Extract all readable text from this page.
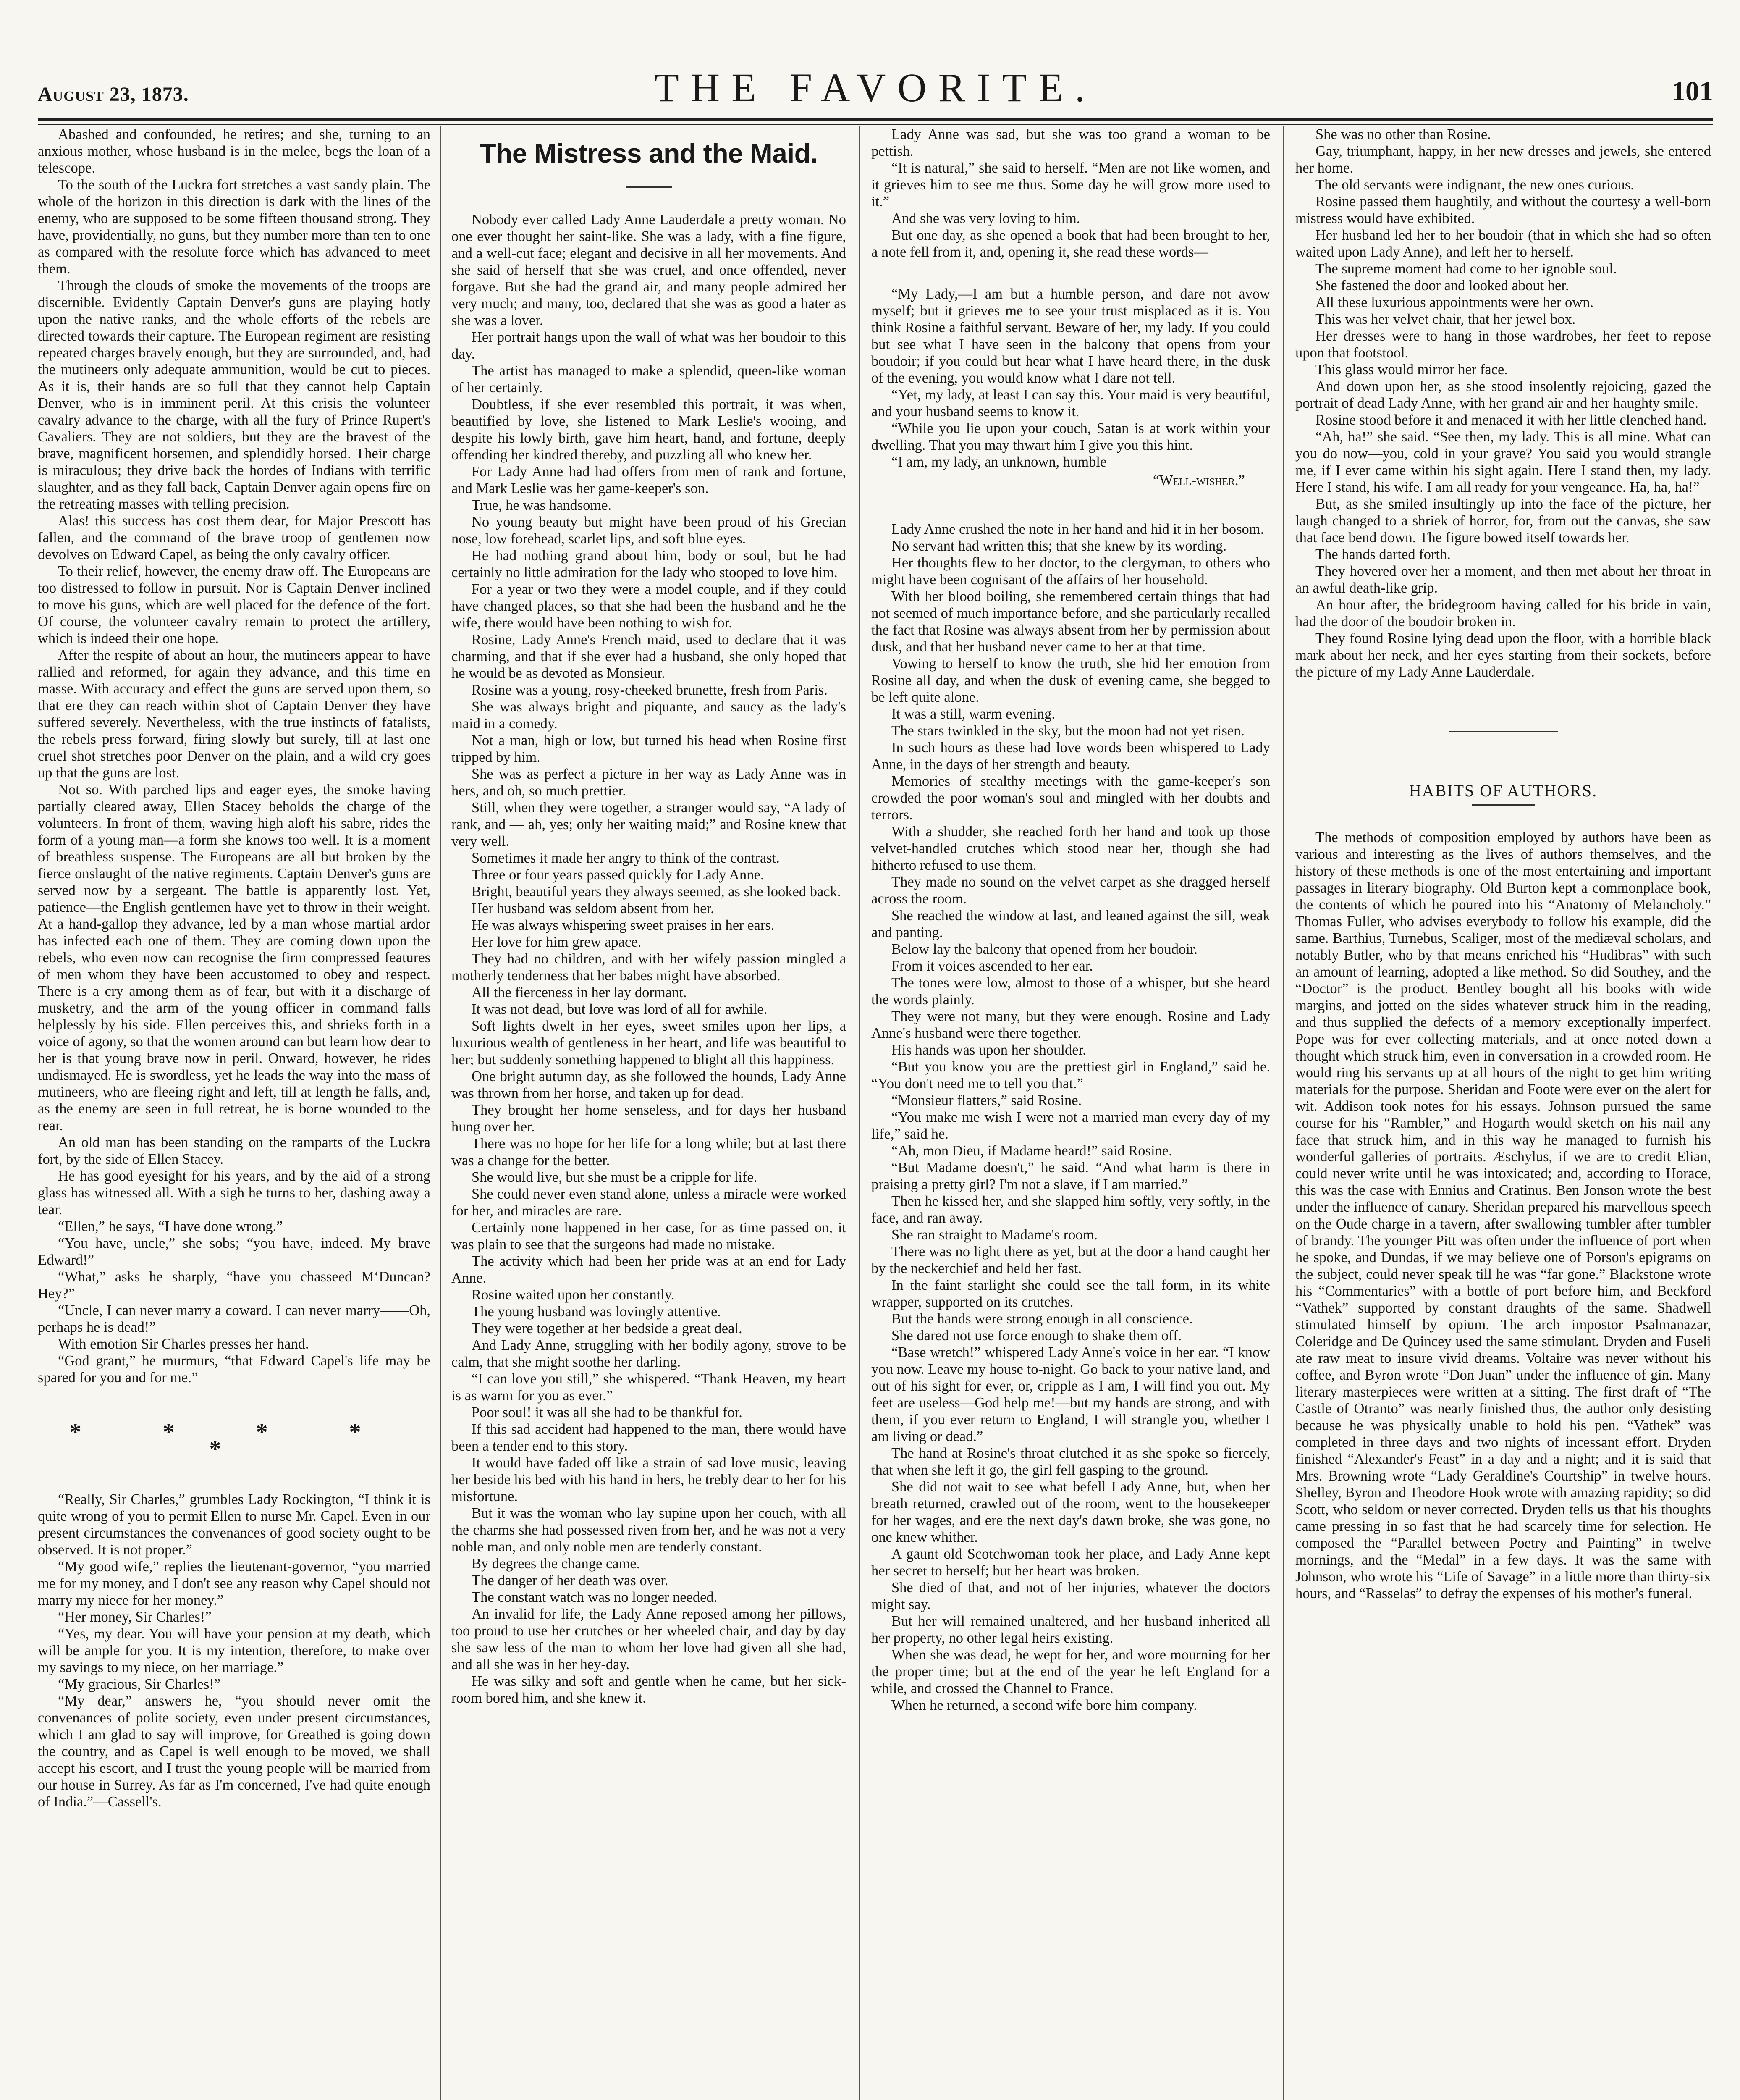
August 23, 1873.	THE FAVORITE.	101

Abashed and confounded, he retires; and she, turning to an anxious mother, whose husband is in the melee, begs the loan of a telescope.

To the south of the Luckra fort stretches a vast sandy plain. The whole of the horizon in this direction is dark with the lines of the enemy, who are supposed to be some fifteen thousand strong. They have, providentially, no guns, but they number more than ten to one as compared with the resolute force which has advanced to meet them.

Through the clouds of smoke the movements of the troops are discernible. Evidently Captain Denver's guns are playing hotly upon the native ranks, and the whole efforts of the rebels are directed towards their capture. The European regiment are resisting repeated charges bravely enough, but they are surrounded, and, had the mutineers only adequate ammunition, would be cut to pieces. As it is, their hands are so full that they cannot help Captain Denver, who is in imminent peril. At this crisis the volunteer cavalry advance to the charge, with all the fury of Prince Rupert's Cavaliers. They are not soldiers, but they are the bravest of the brave, magnificent horsemen, and splendidly horsed. Their charge is miraculous; they drive back the hordes of Indians with terrific slaughter, and as they fall back, Captain Denver again opens fire on the retreating masses with telling precision.

Alas! this success has cost them dear, for Major Prescott has fallen, and the command of the brave troop of gentlemen now devolves on Edward Capel, as being the only cavalry officer.

To their relief, however, the enemy draw off. The Europeans are too distressed to follow in pursuit. Nor is Captain Denver inclined to move his guns, which are well placed for the defence of the fort. Of course, the volunteer cavalry remain to protect the artillery, which is indeed their one hope.

After the respite of about an hour, the mutineers appear to have rallied and reformed, for again they advance, and this time en masse. With accuracy and effect the guns are served upon them, so that ere they can reach within shot of Captain Denver they have suffered severely. Nevertheless, with the true instincts of fatalists, the rebels press forward, firing slowly but surely, till at last one cruel shot stretches poor Denver on the plain, and a wild cry goes up that the guns are lost.

Not so. With parched lips and eager eyes, the smoke having partially cleared away, Ellen Stacey beholds the charge of the volunteers. In front of them, waving high aloft his sabre, rides the form of a young man—a form she knows too well. It is a moment of breathless suspense. The Europeans are all but broken by the fierce onslaught of the native regiments. Captain Denver's guns are served now by a sergeant. The battle is apparently lost. Yet, patience—the English gentlemen have yet to throw in their weight. At a hand-gallop they advance, led by a man whose martial ardor has infected each one of them. They are coming down upon the rebels, who even now can recognise the firm compressed features of men whom they have been accustomed to obey and respect. There is a cry among them as of fear, but with it a discharge of musketry, and the arm of the young officer in command falls helplessly by his side. Ellen perceives this, and shrieks forth in a voice of agony, so that the women around can but learn how dear to her is that young brave now in peril. Onward, however, he rides undismayed. He is swordless, yet he leads the way into the mass of mutineers, who are fleeing right and left, till at length he falls, and, as the enemy are seen in full retreat, he is borne wounded to the rear.

An old man has been standing on the ramparts of the Luckra fort, by the side of Ellen Stacey.

He has good eyesight for his years, and by the aid of a strong glass has witnessed all. With a sigh he turns to her, dashing away a tear.

“Ellen,” he says, “I have done wrong.”

“You have, uncle,” she sobs; “you have, indeed. My brave Edward!”

“What,” asks he sharply, “have you chasseed M‘Duncan? Hey?”

“Uncle, I can never marry a coward. I can never marry——Oh, perhaps he is dead!”

With emotion Sir Charles presses her hand.

“God grant,” he murmurs, “that Edward Capel's life may be spared for you and for me.”

* * * * *

“Really, Sir Charles,” grumbles Lady Rockington, “I think it is quite wrong of you to permit Ellen to nurse Mr. Capel. Even in our present circumstances the convenances of good society ought to be observed. It is not proper.”

“My good wife,” replies the lieutenant-governor, “you married me for my money, and I don't see any reason why Capel should not marry my niece for her money.”

“Her money, Sir Charles!”

“Yes, my dear. You will have your pension at my death, which will be ample for you. It is my intention, therefore, to make over my savings to my niece, on her marriage.”

“My gracious, Sir Charles!”

“My dear,” answers he, “you should never omit the convenances of polite society, even under present circumstances, which I am glad to say will improve, for Greathed is going down the country, and as Capel is well enough to be moved, we shall accept his escort, and I trust the young people will be married from our house in Surrey. As far as I'm concerned, I've had quite enough of India.”—Cassell's.

The Mistress and the Maid.

Nobody ever called Lady Anne Lauderdale a pretty woman. No one ever thought her saint-like. She was a lady, with a fine figure, and a well-cut face; elegant and decisive in all her movements. And she said of herself that she was cruel, and once offended, never forgave. But she had the grand air, and many people admired her very much; and many, too, declared that she was as good a hater as she was a lover.

Her portrait hangs upon the wall of what was her boudoir to this day.

The artist has managed to make a splendid, queen-like woman of her certainly.

Doubtless, if she ever resembled this portrait, it was when, beautified by love, she listened to Mark Leslie's wooing, and despite his lowly birth, gave him heart, hand, and fortune, deeply offending her kindred thereby, and puzzling all who knew her.

For Lady Anne had had offers from men of rank and fortune, and Mark Leslie was her game-keeper's son.

True, he was handsome.

No young beauty but might have been proud of his Grecian nose, low forehead, scarlet lips, and soft blue eyes.

He had nothing grand about him, body or soul, but he had certainly no little admiration for the lady who stooped to love him.

For a year or two they were a model couple, and if they could have changed places, so that she had been the husband and he the wife, there would have been nothing to wish for.

Rosine, Lady Anne's French maid, used to declare that it was charming, and that if she ever had a husband, she only hoped that he would be as devoted as Monsieur.

Rosine was a young, rosy-cheeked brunette, fresh from Paris.

She was always bright and piquante, and saucy as the lady's maid in a comedy.

Not a man, high or low, but turned his head when Rosine first tripped by him.

She was as perfect a picture in her way as Lady Anne was in hers, and oh, so much prettier.

Still, when they were together, a stranger would say, “A lady of rank, and — ah, yes; only her waiting maid;” and Rosine knew that very well.

Sometimes it made her angry to think of the contrast.

Three or four years passed quickly for Lady Anne.

Bright, beautiful years they always seemed, as she looked back.

Her husband was seldom absent from her.

He was always whispering sweet praises in her ears.

Her love for him grew apace.

They had no children, and with her wifely passion mingled a motherly tenderness that her babes might have absorbed.

All the fierceness in her lay dormant.

It was not dead, but love was lord of all for awhile.

Soft lights dwelt in her eyes, sweet smiles upon her lips, a luxurious wealth of gentleness in her heart, and life was beautiful to her; but suddenly something happened to blight all this happiness.

One bright autumn day, as she followed the hounds, Lady Anne was thrown from her horse, and taken up for dead.

They brought her home senseless, and for days her husband hung over her.

There was no hope for her life for a long while; but at last there was a change for the better.

She would live, but she must be a cripple for life.

She could never even stand alone, unless a miracle were worked for her, and miracles are rare.

Certainly none happened in her case, for as time passed on, it was plain to see that the surgeons had made no mistake.

The activity which had been her pride was at an end for Lady Anne.

Rosine waited upon her constantly.

The young husband was lovingly attentive.

They were together at her bedside a great deal.

And Lady Anne, struggling with her bodily agony, strove to be calm, that she might soothe her darling.

“I can love you still,” she whispered. “Thank Heaven, my heart is as warm for you as ever.”

Poor soul! it was all she had to be thankful for.

If this sad accident had happened to the man, there would have been a tender end to this story.

It would have faded off like a strain of sad love music, leaving her beside his bed with his hand in hers, he trebly dear to her for his misfortune.

But it was the woman who lay supine upon her couch, with all the charms she had possessed riven from her, and he was not a very noble man, and only noble men are tenderly constant.

By degrees the change came.

The danger of her death was over.

The constant watch was no longer needed.

An invalid for life, the Lady Anne reposed among her pillows, too proud to use her crutches or her wheeled chair, and day by day she saw less of the man to whom her love had given all she had, and all she was in her hey-day.

He was silky and soft and gentle when he came, but her sick-room bored him, and she knew it.

Lady Anne was sad, but she was too grand a woman to be pettish.

“It is natural,” she said to herself. “Men are not like women, and it grieves him to see me thus. Some day he will grow more used to it.”

And she was very loving to him.

But one day, as she opened a book that had been brought to her, a note fell from it, and, opening it, she read these words—

“My Lady,—I am but a humble person, and dare not avow myself; but it grieves me to see your trust misplaced as it is. You think Rosine a faithful servant. Beware of her, my lady. If you could but see what I have seen in the balcony that opens from your boudoir; if you could but hear what I have heard there, in the dusk of the evening, you would know what I dare not tell.

“Yet, my lady, at least I can say this. Your maid is very beautiful, and your husband seems to know it.

“While you lie upon your couch, Satan is at work within your dwelling. That you may thwart him I give you this hint.

“I am, my lady, an unknown, humble

“Well-wisher.”

Lady Anne crushed the note in her hand and hid it in her bosom.

No servant had written this; that she knew by its wording.

Her thoughts flew to her doctor, to the clergyman, to others who might have been cognisant of the affairs of her household.

With her blood boiling, she remembered certain things that had not seemed of much importance before, and she particularly recalled the fact that Rosine was always absent from her by permission about dusk, and that her husband never came to her at that time.

Vowing to herself to know the truth, she hid her emotion from Rosine all day, and when the dusk of evening came, she begged to be left quite alone.

It was a still, warm evening.

The stars twinkled in the sky, but the moon had not yet risen.

In such hours as these had love words been whispered to Lady Anne, in the days of her strength and beauty.

Memories of stealthy meetings with the game-keeper's son crowded the poor woman's soul and mingled with her doubts and terrors.

With a shudder, she reached forth her hand and took up those velvet-handled crutches which stood near her, though she had hitherto refused to use them.

They made no sound on the velvet carpet as she dragged herself across the room.

She reached the window at last, and leaned against the sill, weak and panting.

Below lay the balcony that opened from her boudoir.

From it voices ascended to her ear.

The tones were low, almost to those of a whisper, but she heard the words plainly.

They were not many, but they were enough. Rosine and Lady Anne's husband were there together.

His hands was upon her shoulder.

“But you know you are the prettiest girl in England,” said he. “You don't need me to tell you that.”

“Monsieur flatters,” said Rosine.

“You make me wish I were not a married man every day of my life,” said he.

“Ah, mon Dieu, if Madame heard!” said Rosine.

“But Madame doesn't,” he said. “And what harm is there in praising a pretty girl? I'm not a slave, if I am married.”

Then he kissed her, and she slapped him softly, very softly, in the face, and ran away.

She ran straight to Madame's room.

There was no light there as yet, but at the door a hand caught her by the neckerchief and held her fast.

In the faint starlight she could see the tall form, in its white wrapper, supported on its crutches.

But the hands were strong enough in all conscience.

She dared not use force enough to shake them off.

“Base wretch!” whispered Lady Anne's voice in her ear. “I know you now. Leave my house to-night. Go back to your native land, and out of his sight for ever, or, cripple as I am, I will find you out. My feet are useless—God help me!—but my hands are strong, and with them, if you ever return to England, I will strangle you, whether I am living or dead.”

The hand at Rosine's throat clutched it as she spoke so fiercely, that when she left it go, the girl fell gasping to the ground.

She did not wait to see what befell Lady Anne, but, when her breath returned, crawled out of the room, went to the housekeeper for her wages, and ere the next day's dawn broke, she was gone, no one knew whither.

A gaunt old Scotchwoman took her place, and Lady Anne kept her secret to herself; but her heart was broken.

She died of that, and not of her injuries, whatever the doctors might say.

But her will remained unaltered, and her husband inherited all her property, no other legal heirs existing.

When she was dead, he wept for her, and wore mourning for her the proper time; but at the end of the year he left England for a while, and crossed the Channel to France.

When he returned, a second wife bore him company.

She was no other than Rosine.

Gay, triumphant, happy, in her new dresses and jewels, she entered her home.

The old servants were indignant, the new ones curious.

Rosine passed them haughtily, and without the courtesy a well-born mistress would have exhibited.

Her husband led her to her boudoir (that in which she had so often waited upon Lady Anne), and left her to herself.

The supreme moment had come to her ignoble soul.

She fastened the door and looked about her.

All these luxurious appointments were her own.

This was her velvet chair, that her jewel box.

Her dresses were to hang in those wardrobes, her feet to repose upon that footstool.

This glass would mirror her face.

And down upon her, as she stood insolently rejoicing, gazed the portrait of dead Lady Anne, with her grand air and her haughty smile.

Rosine stood before it and menaced it with her little clenched hand.

“Ah, ha!” she said. “See then, my lady. This is all mine. What can you do now—you, cold in your grave? You said you would strangle me, if I ever came within his sight again. Here I stand then, my lady. Here I stand, his wife. I am all ready for your vengeance. Ha, ha, ha!”

But, as she smiled insultingly up into the face of the picture, her laugh changed to a shriek of horror, for, from out the canvas, she saw that face bend down. The figure bowed itself towards her.

The hands darted forth.

They hovered over her a moment, and then met about her throat in an awful death-like grip.

An hour after, the bridegroom having called for his bride in vain, had the door of the boudoir broken in.

They found Rosine lying dead upon the floor, with a horrible black mark about her neck, and her eyes starting from their sockets, before the picture of my Lady Anne Lauderdale.

HABITS OF AUTHORS.

The methods of composition employed by authors have been as various and interesting as the lives of authors themselves, and the history of these methods is one of the most entertaining and important passages in literary biography. Old Burton kept a commonplace book, the contents of which he poured into his “Anatomy of Melancholy.” Thomas Fuller, who advises everybody to follow his example, did the same. Barthius, Turnebus, Scaliger, most of the mediæval scholars, and notably Butler, who by that means enriched his “Hudibras” with such an amount of learning, adopted a like method. So did Southey, and the “Doctor” is the product. Bentley bought all his books with wide margins, and jotted on the sides whatever struck him in the reading, and thus supplied the defects of a memory exceptionally imperfect. Pope was for ever collecting materials, and at once noted down a thought which struck him, even in conversation in a crowded room. He would ring his servants up at all hours of the night to get him writing materials for the purpose. Sheridan and Foote were ever on the alert for wit. Addison took notes for his essays. Johnson pursued the same course for his “Rambler,” and Hogarth would sketch on his nail any face that struck him, and in this way he managed to furnish his wonderful galleries of portraits. Æschylus, if we are to credit Elian, could never write until he was intoxicated; and, according to Horace, this was the case with Ennius and Cratinus. Ben Jonson wrote the best under the influence of canary. Sheridan prepared his marvellous speech on the Oude charge in a tavern, after swallowing tumbler after tumbler of brandy. The younger Pitt was often under the influence of port when he spoke, and Dundas, if we may believe one of Porson's epigrams on the subject, could never speak till he was “far gone.” Blackstone wrote his “Commentaries” with a bottle of port before him, and Beckford “Vathek” supported by constant draughts of the same. Shadwell stimulated himself by opium. The arch impostor Psalmanazar, Coleridge and De Quincey used the same stimulant. Dryden and Fuseli ate raw meat to insure vivid dreams. Voltaire was never without his coffee, and Byron wrote “Don Juan” under the influence of gin. Many literary masterpieces were written at a sitting. The first draft of “The Castle of Otranto” was nearly finished thus, the author only desisting because he was physically unable to hold his pen. “Vathek” was completed in three days and two nights of incessant effort. Dryden finished “Alexander's Feast” in a day and a night; and it is said that Mrs. Browning wrote “Lady Geraldine's Courtship” in twelve hours. Shelley, Byron and Theodore Hook wrote with amazing rapidity; so did Scott, who seldom or never corrected. Dryden tells us that his thoughts came pressing in so fast that he had scarcely time for selection. He composed the “Parallel between Poetry and Painting” in twelve mornings, and the “Medal” in a few days. It was the same with Johnson, who wrote his “Life of Savage” in a little more than thirty-six hours, and “Rasselas” to defray the expenses of his mother's funeral.
